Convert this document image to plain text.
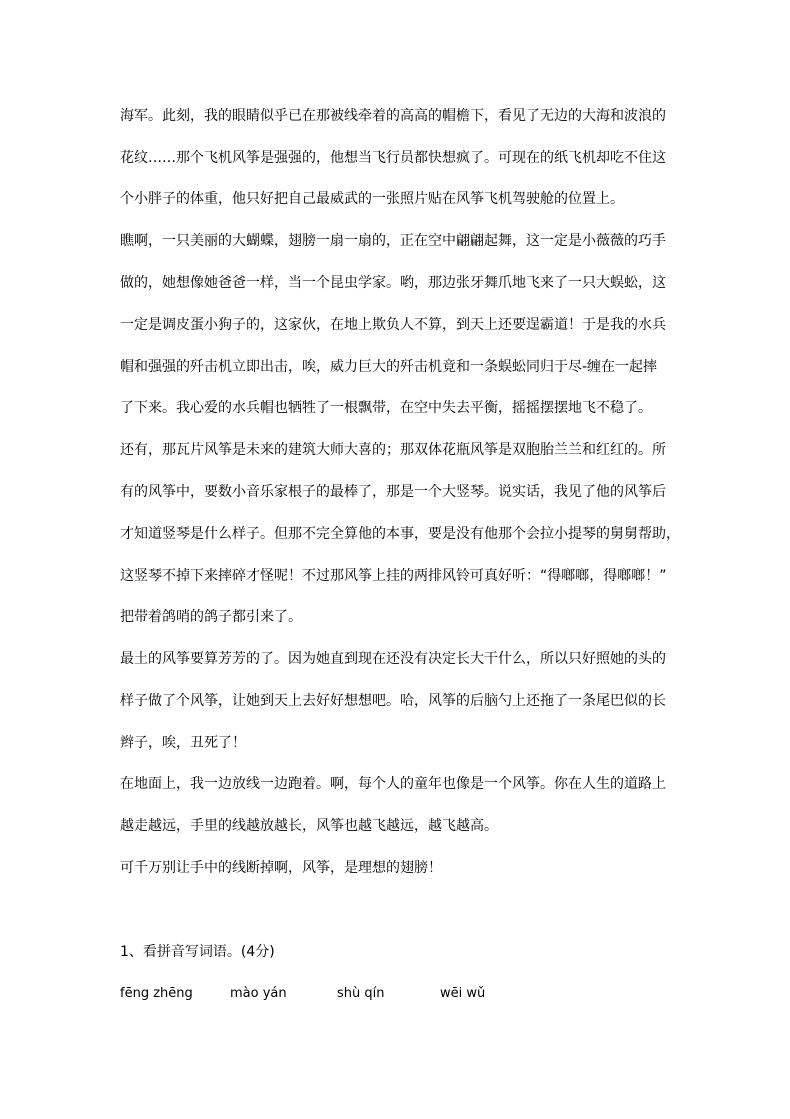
海军。此刻，我的眼睛似乎已在那被线牵着的高高的帽檐下，看见了无边的大海和波浪的
花纹……那个飞机风筝是强强的，他想当飞行员都快想疯了。可现在的纸飞机却吃不住这
个小胖子的体重，他只好把自己最威武的一张照片贴在风筝飞机驾驶舱的位置上。
瞧啊，一只美丽的大蝴蝶，翅膀一扇一扇的，正在空中翩翩起舞，这一定是小薇薇的巧手
做的，她想像她爸爸一样，当一个昆虫学家。哟，那边张牙舞爪地飞来了一只大蜈蚣，这
一定是调皮蛋小狗子的，这家伙，在地上欺负人不算，到天上还要逞霸道！于是我的水兵
帽和强强的歼击机立即出击，唉，威力巨大的歼击机竟和一条蜈蚣同归于尽-缠在一起摔
了下来。我心爱的水兵帽也牺牲了一根飘带，在空中失去平衡，摇摇摆摆地飞不稳了。
还有，那瓦片风筝是未来的建筑大师大喜的；那双体花瓶风筝是双胞胎兰兰和红红的。所
有的风筝中，要数小音乐家根子的最棒了，那是一个大竖琴。说实话，我见了他的风筝后
才知道竖琴是什么样子。但那不完全算他的本事，要是没有他那个会拉小提琴的舅舅帮助，
这竖琴不掉下来摔碎才怪呢！不过那风筝上挂的两排风铃可真好听：“得啷啷，得啷啷！”
把带着鸽哨的鸽子都引来了。
最土的风筝要算芳芳的了。因为她直到现在还没有决定长大干什么，所以只好照她的头的
样子做了个风筝，让她到天上去好好想想吧。哈，风筝的后脑勺上还拖了一条尾巴似的长
辫子，唉，丑死了！
在地面上，我一边放线一边跑着。啊，每个人的童年也像是一个风筝。你在人生的道路上
越走越远，手里的线越放越长，风筝也越飞越远，越飞越高。
可千万别让手中的线断掉啊，风筝，是理想的翅膀！
1、看拼音写词语。(4分)
fēng zhēng	mào yán	shù qín	wēi wǔ
